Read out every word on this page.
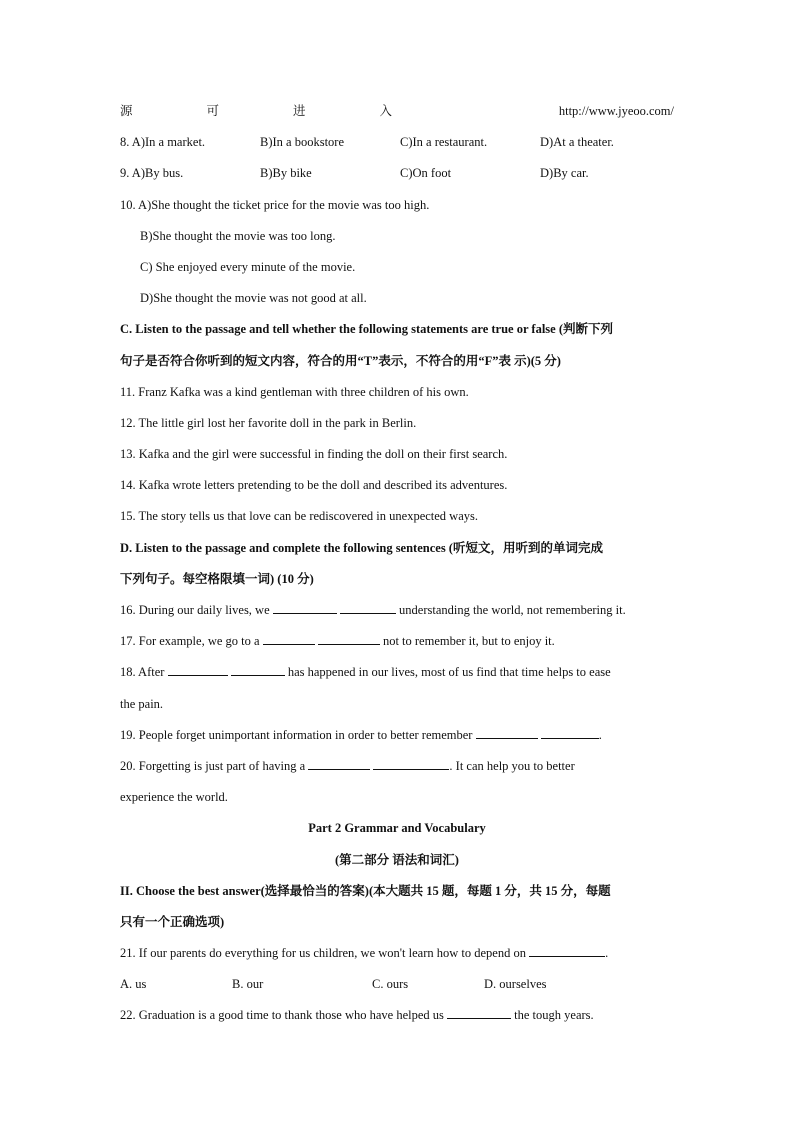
源	可	进	入	http://www.jyeoo.com/
8. A)In a market.	B)In a bookstore	C)In a restaurant.	D)At a theater.
9. A)By bus.	B)By bike	C)On foot	D)By car.
10. A)She thought the ticket price for the movie was too high.
B)She thought the movie was too long.
C) She enjoyed every minute of the movie.
D)She thought the movie was not good at all.
C. Listen to the passage and tell whether the following statements are true or false (判断下列
句子是否符合你听到的短文内容，符合的用“T”表示，不符合的用“F”表 示)(5 分)
11. Franz Kafka was a kind gentleman with three children of his own.
12. The little girl lost her favorite doll in the park in Berlin.
13. Kafka and the girl were successful in finding the doll on their first search.
14. Kafka wrote letters pretending to be the doll and described its adventures.
15. The story tells us that love can be rediscovered in unexpected ways.
D. Listen to the passage and complete the following sentences (听短文，用听到的单词完成
下列句子。每空格限填一词) (10 分)
16. During our daily lives, we	understanding the world, not remembering it.
17. For example, we go to a	not to remember it, but to enjoy it.
18. After	has happened in our lives, most of us find that time helps to ease
the pain.
19. People forget unimportant information in order to better remember	.
20. Forgetting is just part of having a	. It can help you to better
experience the world.
Part 2 Grammar and Vocabulary
(第二部分 语法和词汇)
II. Choose the best answer(选择最恰当的答案)(本大题共 15 题，每题 1 分，共 15 分，每题
只有一个正确选项)
21. If our parents do everything for us children, we won't learn how to depend on	.
A. us	B. our	C. ours	D. ourselves
22. Graduation is a good time to thank those who have helped us	the tough years.
